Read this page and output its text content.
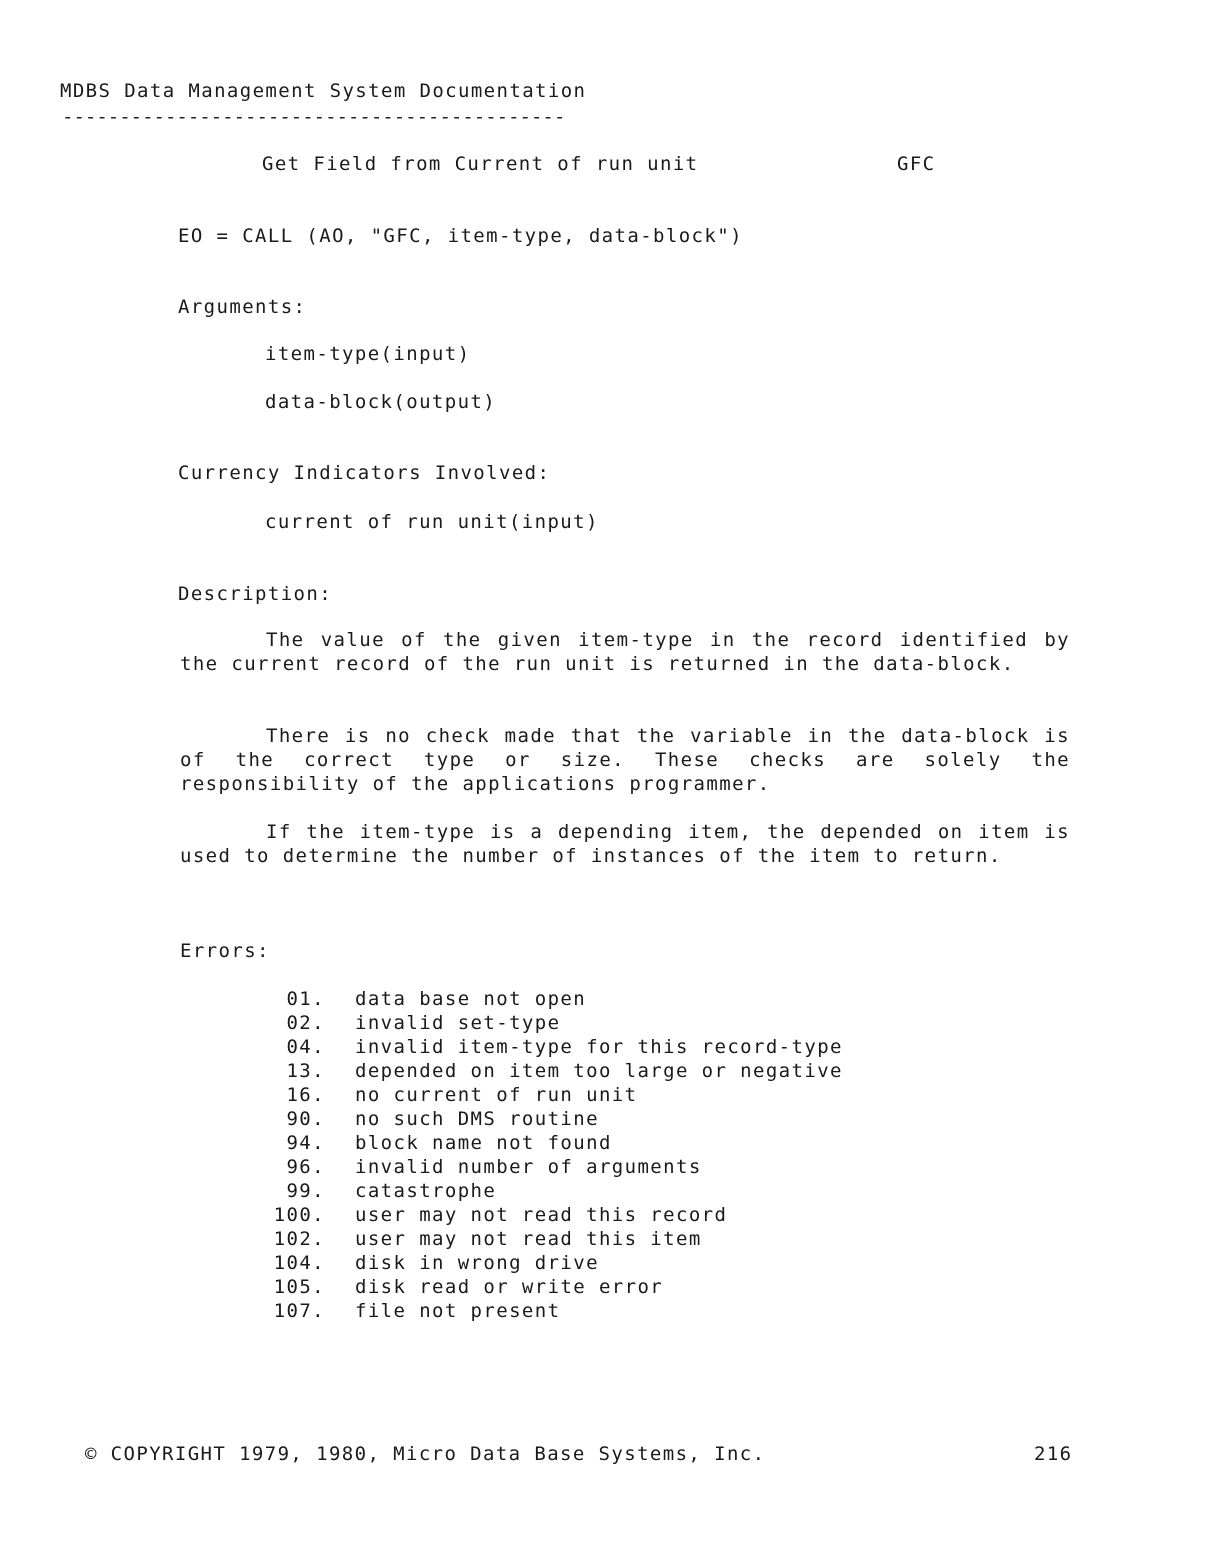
MDBS Data Management System Documentation
--------------------------------------------
Get Field from Current of run unit	GFC
EO = CALL (AO, "GFC, item-type, data-block")
Arguments:
item-type(input)
data-block(output)
Currency Indicators Involved:
current of run unit(input)
Description:
The value of the given item-type in the record identified by the current record of the run unit is returned in the data-block.
There is no check made that the variable in the data-block is of the correct type or size. These checks are solely the responsibility of the applications programmer.
If the item-type is a depending item, the depended on item is used to determine the number of instances of the item to return.
Errors:
01. data base not open
02. invalid set-type
04. invalid item-type for this record-type
13. depended on item too large or negative
16. no current of run unit
90. no such DMS routine
94. block name not found
96. invalid number of arguments
99. catastrophe
100. user may not read this record
102. user may not read this item
104. disk in wrong drive
105. disk read or write error
107. file not present
© COPYRIGHT 1979, 1980, Micro Data Base Systems, Inc.	216
